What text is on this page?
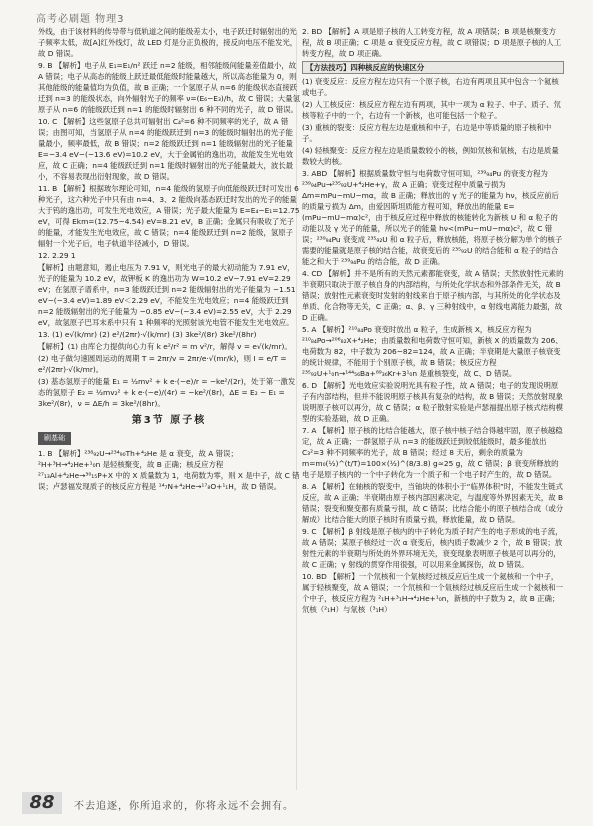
高考必刷题 物理3

外线，由于该材料的传导带与低轨道之间的能级差太小，电子跃迁时辐射出的光子频率太低，故[A]红外线灯，故 LED 灯是分正负极的，接反向电压不能发光，故 D 错误。

9. B 【解析】电子从 E₁=E₁/n² 跃迁 n=2 能级，相邻能级间能量差值最小，故 A 错误；电子从高态的能级上跃迁最低能级时能量越大，所以高态能量为 0，则其他能级的能量值均为负值，故 B 正确；一个氢原子从 n=6 的能级状态直接跃迁到 n=3 的能级状态，向外辐射光子的频率 ν=(E₆−E₃)/h，故 C 错误；大量氢原子从 n=6 的能级跃迁到 n=1 的能级时辐射出 6 种不同的光子，故 D 错误。

10. C 【解析】这些氢原子总共可辐射出 C₄²=6 种不同频率的光子，故 A 错误；由图可知，当氢原子从 n=4 的能级跃迁到 n=3 的能级时辐射出的光子能量最小，频率最低，故 B 错误；n=2 能级跃迁到 n=1 能级辐射出的光子能量 E=−3.4 eV−(−13.6 eV)=10.2 eV，大于金属铂的逸出功，故能发生光电效应，故 C 正确；n=4 能级跃迁到 n=1 能级时辐射出的光子能量最大，波长最小，不容易表现出衍射现象，故 D 错误。

11. B 【解析】根据玻尔理论可知，n=4 能级的氢原子向低能级跃迁时可发出 6 种光子，这六种光子中只有由 n=4、3、2 能级向基态跃迁时发出的光子的能量大于钨的逸出功，可发生光电效应，A 错误；光子最大能量为 E=E₄−E₁=12.75 eV，可得 Ekm=(12.75−4.54) eV=8.21 eV，B 正确；金属只有吸收了光子的能量，才能发生光电效应，故 C 错误；n=4 能级跃迁到 n=2 能级，氢原子辐射一个光子后，电子轨道半径减小，D 错误。

12. 2.29 1

【解析】由题意知，遏止电压为 7.91 V，则光电子的最大初动能为 7.91 eV，光子的能量为 10.2 eV，故钾板 K 的逸出功为 W=10.2 eV−7.91 eV=2.29 eV；在氢原子谱系中，n=3 能级跃迁到 n=2 能级辐射出的光子能量为 −1.51 eV−(−3.4 eV)=1.89 eV＜2.29 eV，不能发生光电效应；n=4 能级跃迁到 n=2 能级辐射出的光子能量为 −0.85 eV−(−3.4 eV)=2.55 eV，大于 2.29 eV，故氢原子巴耳末系中只有 1 种频率的光照射该光电管不能发生光电效应。

13. (1) e√(k/mr) (2) e²/(2πr)·√(k/mr) (3) 3ke²/(8r) 3ke²/(8hr)

【解析】(1) 由库仑力提供向心力有 k e²/r² = m v²/r，解得 v = e√(k/mr)。

(2) 电子做匀速圆周运动的周期 T = 2πr/v = 2πr/e·√(mr/k)，则 I = e/T = e²/(2πr)·√(k/mr)。

(3) 基态氢原子的能量 E₁ = ½mv² + k e·(−e)/r = −ke²/(2r)，处于第一激发态的氢原子 E₂ = ½mv₂² + k e·(−e)/(4r) = −ke²/(8r)，ΔE = E₂ − E₁ = 3ke²/(8r)，ν = ΔE/h = 3ke²/(8hr)。

第3节 原子核
刷基础

1. B 【解析】²³⁸₉₂U→²³⁴₉₀Th+⁴₂He 是 α 衰变，故 A 错误；²H+³H→⁴₂He+¹₀n 是轻核聚变，故 B 正确；核反应方程 ²⁷₁₃Al+⁴₂He→³⁰₁₅P+X 中的 X 质量数为 1，电荷数为零，则 X 是中子，故 C 错误；卢瑟福发现质子的核反应方程是 ¹⁴₇N+⁴₂He→¹⁷₈O+¹₁H，故 D 错误。

2. BD 【解析】A 项是原子核的人工转变方程，故 A 项错误；B 项是核聚变方程，故 B 项正确；C 项是 α 衰变反应方程，故 C 项错误；D 项是原子核的人工转变方程，故 D 项正确。

【方法技巧】四种核反应的快速区分

(1) 衰变反应：反应方程左边只有一个原子核，右边有两项且其中包含一个氦核或电子。

(2) 人工核反应：核反应方程左边有两项，其中一项为 α 粒子、中子、质子、氘核等粒子中的一个，右边有一个新核，也可能包括一个粒子。

(3) 重核的裂变：反应方程左边是重核和中子，右边是中等质量的原子核和中子。

(4) 轻核聚变：反应方程左边是质量数较小的核，例如氘核和氚核，右边是质量数较大的核。

3. ABD 【解析】根据质量数守恒与电荷数守恒可知，²³⁹₉₄Pu 的衰变方程为 ²³⁹₉₄Pu→²³⁵₉₂U+⁴₂He+γ，故 A 正确；衰变过程中质量亏损为 Δm=mPu−mU−mα，故 B 正确；释放出的 γ 光子的能量为 hν，核反应前后的质量亏损为 Δm，由爱因斯坦质能方程可知，释放出的能量 E=(mPu−mU−mα)c²，由于核反应过程中释放的核能转化为新核 U 和 α 粒子的动能以及 γ 光子的能量，所以光子的能量 hν<(mPu−mU−mα)c²，故 C 错误；²³⁹₉₄Pu 衰变成 ²³⁵₉₂U 和 α 粒子后，释放核能，将原子核分解为单个的核子需要的能量就是原子核的结合能，故衰变后的 ²³⁵₉₂U 的结合能和 α 粒子的结合能之和大于 ²³⁹₉₄Pu 的结合能，故 D 正确。

4. CD 【解析】并不是所有的天然元素都能衰变，故 A 错误；天然放射性元素的半衰期只取决于原子核自身的内部结构，与所处化学状态和外部条件无关，故 B 错误；放射性元素衰变时发射的射线来自于原子核内部，与其所处的化学状态及单质、化合物等无关，C 正确；α、β、γ 三种射线中，α 射线电离能力最强，故 D 正确。

5. A 【解析】²¹⁰₈₄Po 衰变时放出 α 粒子，生成新核 X，核反应方程为 ²¹⁰₈₄Po→²⁰⁶₈₂X+⁴₂He；由质量数和电荷数守恒可知，新核 X 的质量数为 206、电荷数为 82，中子数为 206−82=124，故 A 正确；半衰期是大量原子核衰变的统计规律，不能用于个别原子核，故 B 错误；核反应方程 ²³⁵₉₂U+¹₀n→¹⁴⁴₅₆Ba+⁸⁹₃₆Kr+3¹₀n 是重核裂变，故 C、D 错误。

6. D 【解析】光电效应实验说明光具有粒子性，故 A 错误；电子的发现说明原子有内部结构，但并不能说明原子核具有复杂的结构，故 B 错误；天然放射现象说明原子核可以再分，故 C 错误；α 粒子散射实验是卢瑟福提出原子核式结构模型的实验基础，故 D 正确。

7. A 【解析】原子核的比结合能越大，原子核中核子结合得越牢固，原子核越稳定，故 A 正确；一群氢原子从 n=3 的能级跃迁到较低能级时，最多能放出 C₃²=3 种不同频率的光子，故 B 错误；经过 8 天后，剩余的质量为 m=m₀(½)^(t/T)=100×(½)^(8/3.8) g≈25 g，故 C 错误；β 衰变所释放的电子是原子核内的一个中子转化为一个质子和一个电子时产生的，故 D 错误。

8. A 【解析】在轴核的裂变中，当铀块的体积小于“临界体积”时，不能发生链式反应，故 A 正确；半衰期由原子核内部因素决定，与温度等外界因素无关，故 B 错误；裂变和聚变都有质量亏损，故 C 错误；比结合能小的原子核结合成（或分解成）比结合能大的原子核时有质量亏损，释放能量，故 D 错误。

9. C 【解析】β 射线是原子核内的中子转化为质子时产生的电子形成的电子流，故 A 错误；某原子核经过一次 α 衰变后，核内质子数减少 2 个，故 B 错误；放射性元素的半衰期与所处的外界环境无关，衰变现象表明原子核是可以再分的，故 C 正确；γ 射线的贯穿作用很强，可以用来金属探伤，故 D 错误。

10. BD 【解析】一个氘核和一个氚核经过核反应后生成一个氦核和一个中子，属于轻核聚变，故 A 错误；一个氘核和一个氚核经过核反应后生成一个氦核和一个中子，核反应方程为 ²₁H+³₁H→⁴₂He+¹₀n，新核的中子数为 2，故 B 正确；氘核（²₁H）与氚核（³₁H）

88	不去追逐，你所追求的，你将永远不会拥有。
